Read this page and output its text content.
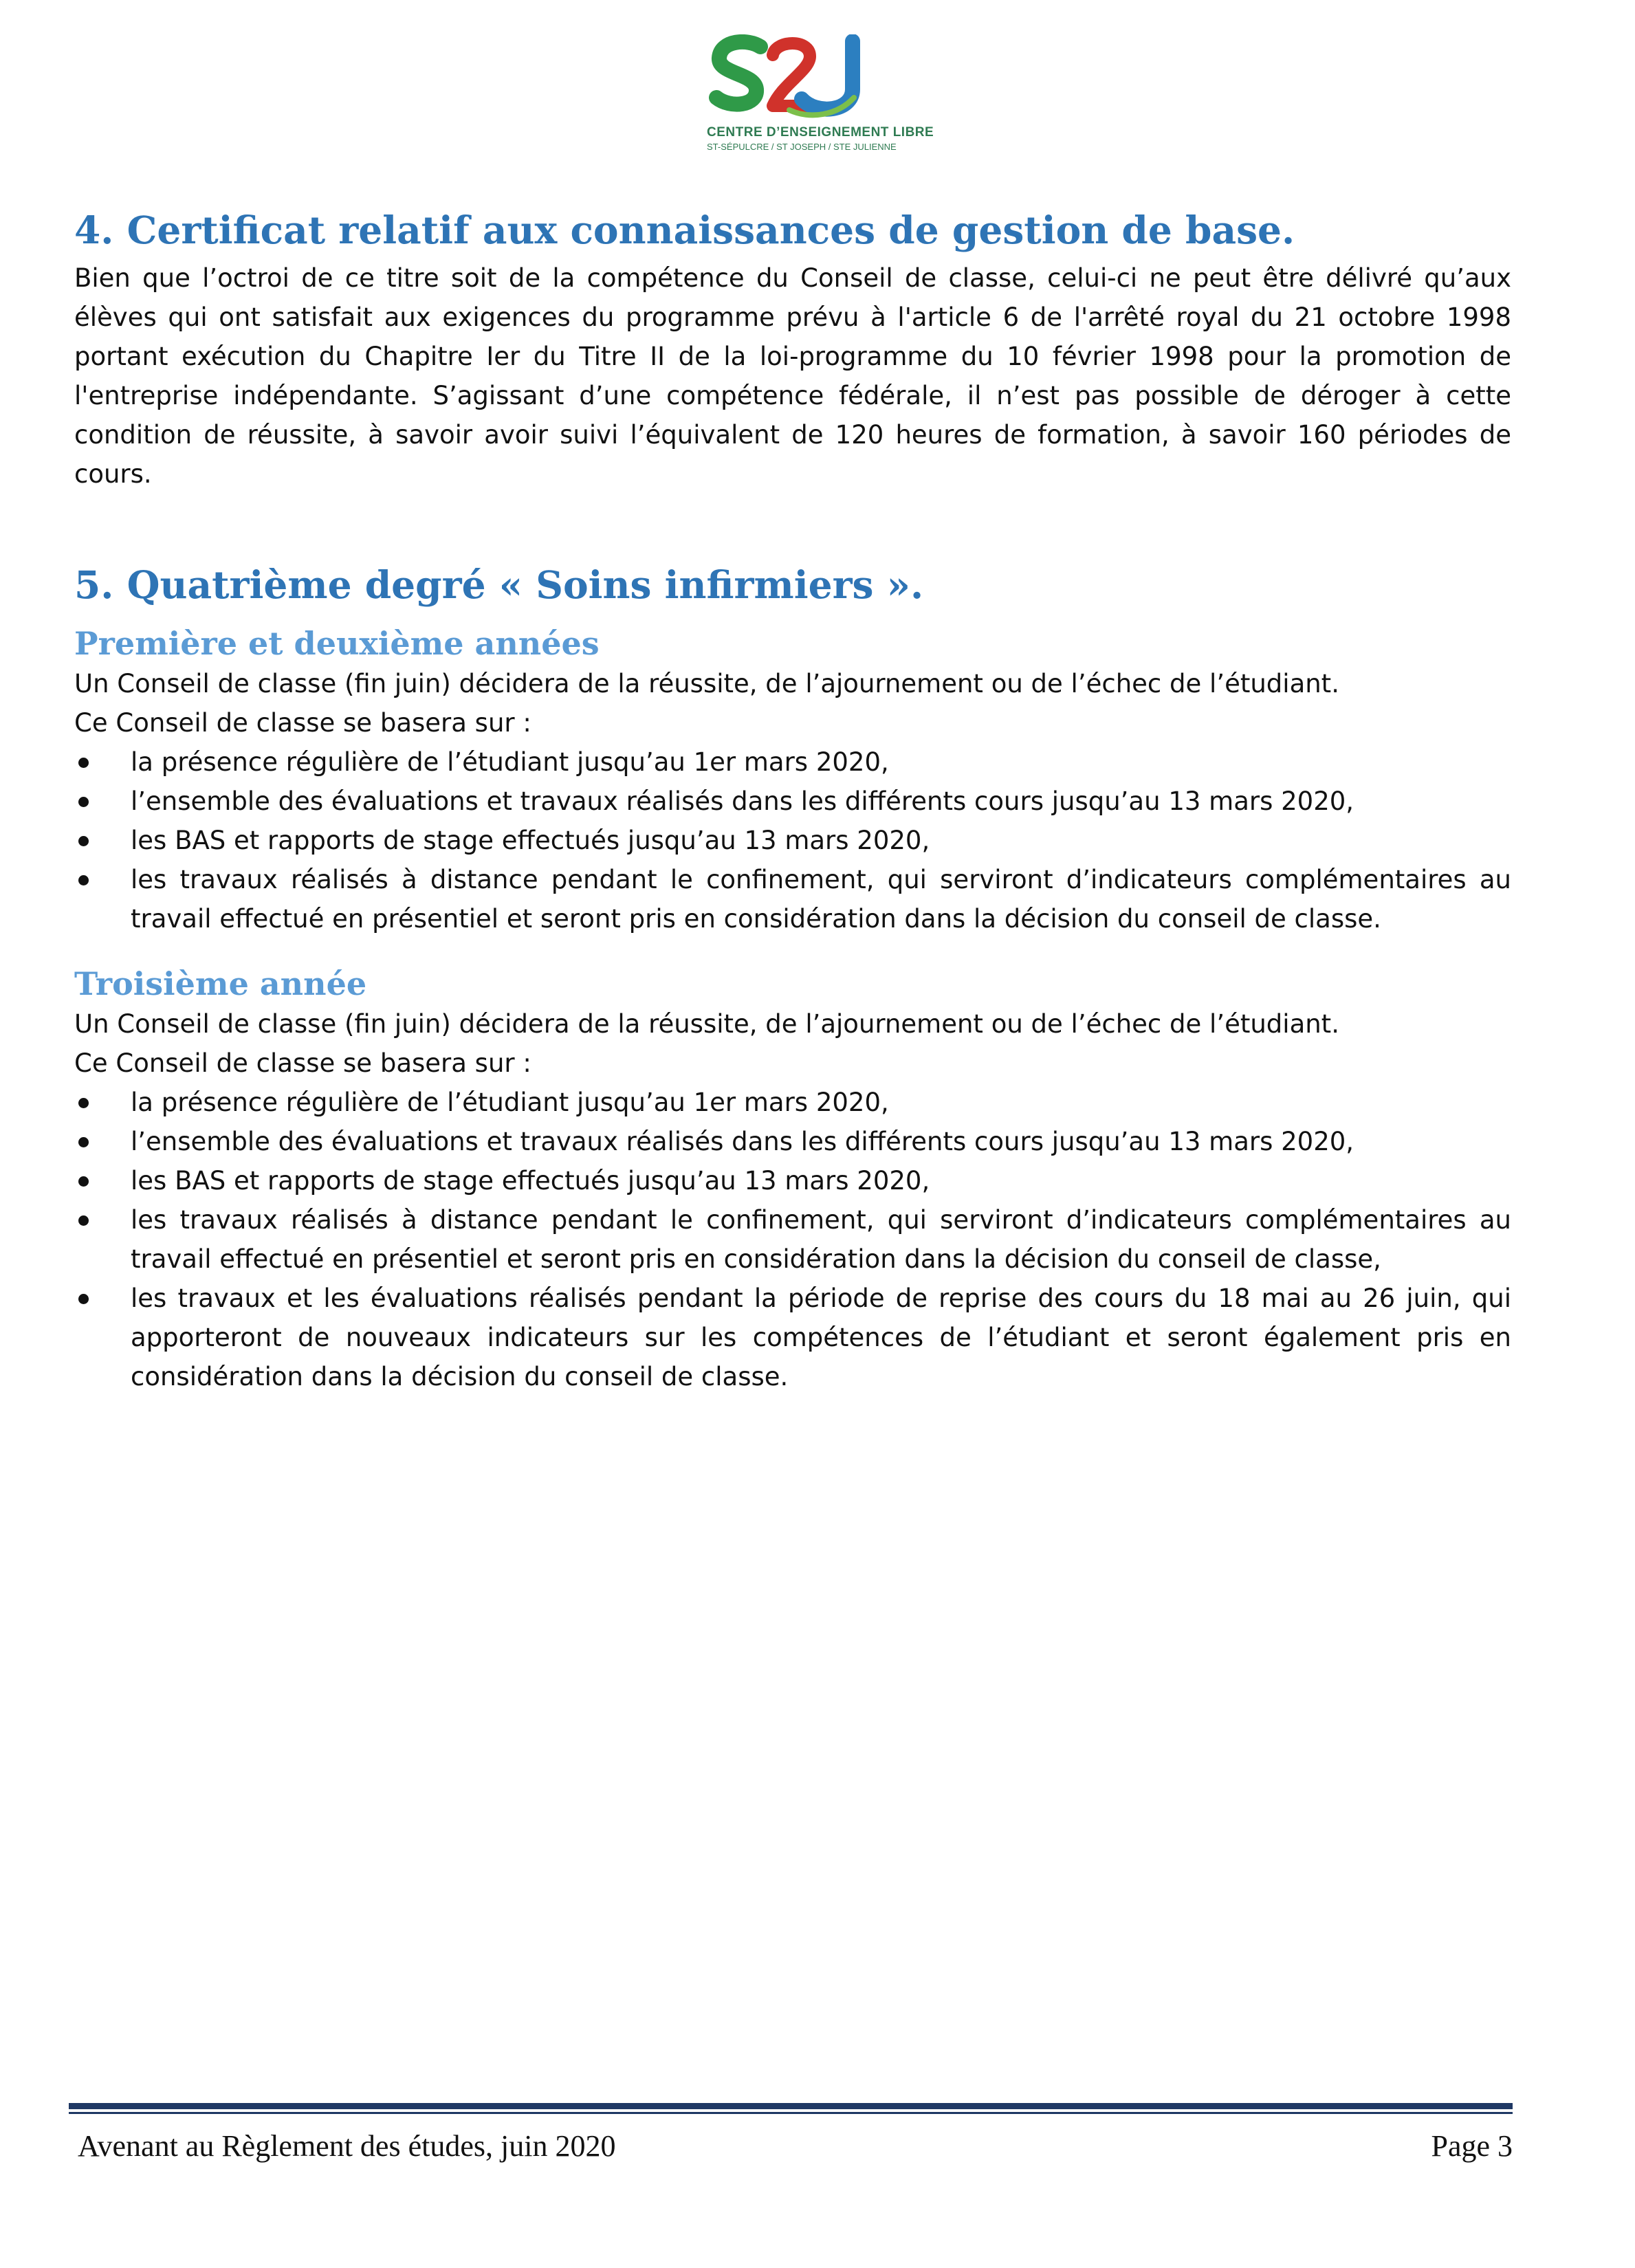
CENTRE D’ENSEIGNEMENT LIBRE
ST-SÉPULCRE / ST JOSEPH / STE JULIENNE
4. Certificat relatif aux connaissances de gestion de base.

Bien que l’octroi de ce titre soit de la compétence du Conseil de classe, celui-ci ne peut être délivré qu’aux élèves qui ont satisfait aux exigences du programme prévu à l'article 6 de l'arrêté royal du 21 octobre 1998 portant exécution du Chapitre Ier du Titre II de la loi-programme du 10 février 1998 pour la promotion de l'entreprise indépendante. S’agissant d’une compétence fédérale, il n’est pas possible de déroger à cette condition de réussite, à savoir avoir suivi l’équivalent de 120 heures de formation, à savoir 160 périodes de cours.

5. Quatrième degré « Soins infirmiers ».
Première et deuxième années

Un Conseil de classe (fin juin) décidera de la réussite, de l’ajournement ou de l’échec de l’étudiant.

Ce Conseil de classe se basera sur :

la présence régulière de l’étudiant jusqu’au 1er mars 2020,
l’ensemble des évaluations et travaux réalisés dans les différents cours jusqu’au 13 mars 2020,
les BAS et rapports de stage effectués jusqu’au 13 mars 2020,
les travaux réalisés à distance pendant le confinement, qui serviront d’indicateurs complémentaires au travail effectué en présentiel et seront pris en considération dans la décision du conseil de classe.
Troisième année

Un Conseil de classe (fin juin) décidera de la réussite, de l’ajournement ou de l’échec de l’étudiant.

Ce Conseil de classe se basera sur :

la présence régulière de l’étudiant jusqu’au 1er mars 2020,
l’ensemble des évaluations et travaux réalisés dans les différents cours jusqu’au 13 mars 2020,
les BAS et rapports de stage effectués jusqu’au 13 mars 2020,
les travaux réalisés à distance pendant le confinement, qui serviront d’indicateurs complémentaires au travail effectué en présentiel et seront pris en considération dans la décision du conseil de classe,
les travaux et les évaluations réalisés pendant la période de reprise des cours du 18 mai au 26 juin, qui apporteront de nouveaux indicateurs sur les compétences de l’étudiant et seront également pris en considération dans la décision du conseil de classe.
Avenant au Règlement des études, juin 2020	Page 3
